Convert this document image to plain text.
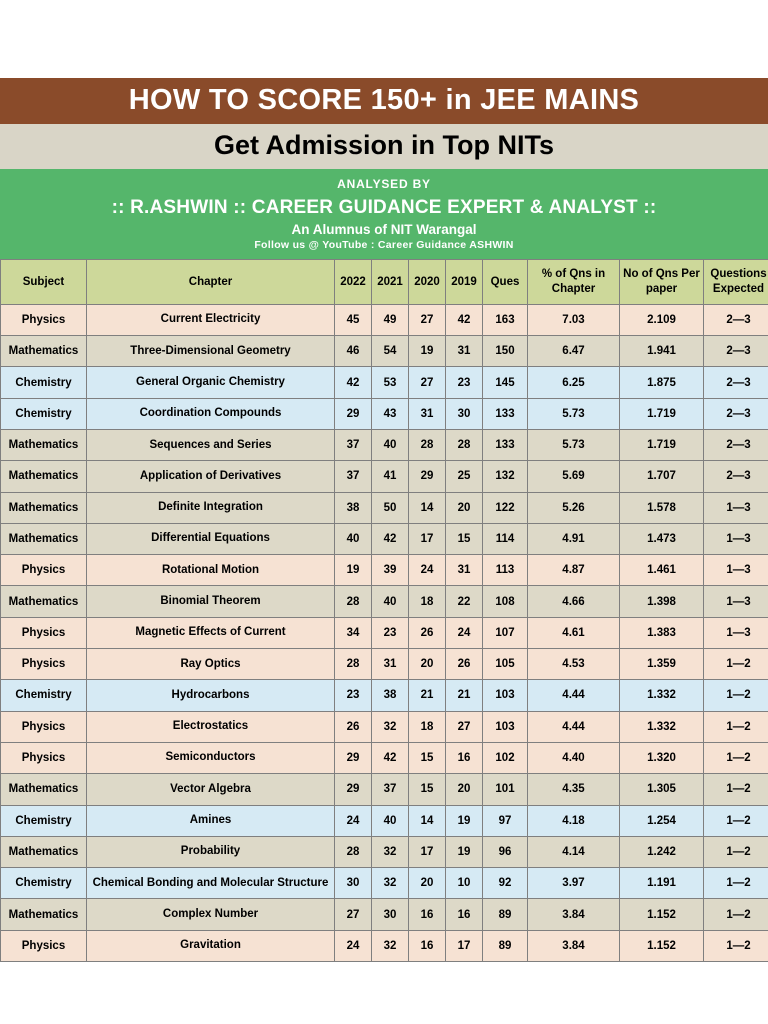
HOW TO SCORE 150+ in JEE MAINS
Get Admission in Top NITs
ANALYSED BY
:: R.ASHWIN :: CAREER GUIDANCE EXPERT & ANALYST ::
An Alumnus of NIT Warangal
Follow us @ YouTube : Career Guidance ASHWIN
Subject	Chapter	2022	2021	2020	2019	Ques	% of Qns in Chapter	No of Qns Per paper	Questions Expected
Physics	Current Electricity	45	49	27	42	163	7.03	2.109	2—3
Mathematics	Three-Dimensional Geometry	46	54	19	31	150	6.47	1.941	2—3
Chemistry	General Organic Chemistry	42	53	27	23	145	6.25	1.875	2—3
Chemistry	Coordination Compounds	29	43	31	30	133	5.73	1.719	2—3
Mathematics	Sequences and Series	37	40	28	28	133	5.73	1.719	2—3
Mathematics	Application of Derivatives	37	41	29	25	132	5.69	1.707	2—3
Mathematics	Definite Integration	38	50	14	20	122	5.26	1.578	1—3
Mathematics	Differential Equations	40	42	17	15	114	4.91	1.473	1—3
Physics	Rotational Motion	19	39	24	31	113	4.87	1.461	1—3
Mathematics	Binomial Theorem	28	40	18	22	108	4.66	1.398	1—3
Physics	Magnetic Effects of Current	34	23	26	24	107	4.61	1.383	1—3
Physics	Ray Optics	28	31	20	26	105	4.53	1.359	1—2
Chemistry	Hydrocarbons	23	38	21	21	103	4.44	1.332	1—2
Physics	Electrostatics	26	32	18	27	103	4.44	1.332	1—2
Physics	Semiconductors	29	42	15	16	102	4.40	1.320	1—2
Mathematics	Vector Algebra	29	37	15	20	101	4.35	1.305	1—2
Chemistry	Amines	24	40	14	19	97	4.18	1.254	1—2
Mathematics	Probability	28	32	17	19	96	4.14	1.242	1—2
Chemistry	Chemical Bonding and Molecular Structure	30	32	20	10	92	3.97	1.191	1—2
Mathematics	Complex Number	27	30	16	16	89	3.84	1.152	1—2
Physics	Gravitation	24	32	16	17	89	3.84	1.152	1—2
